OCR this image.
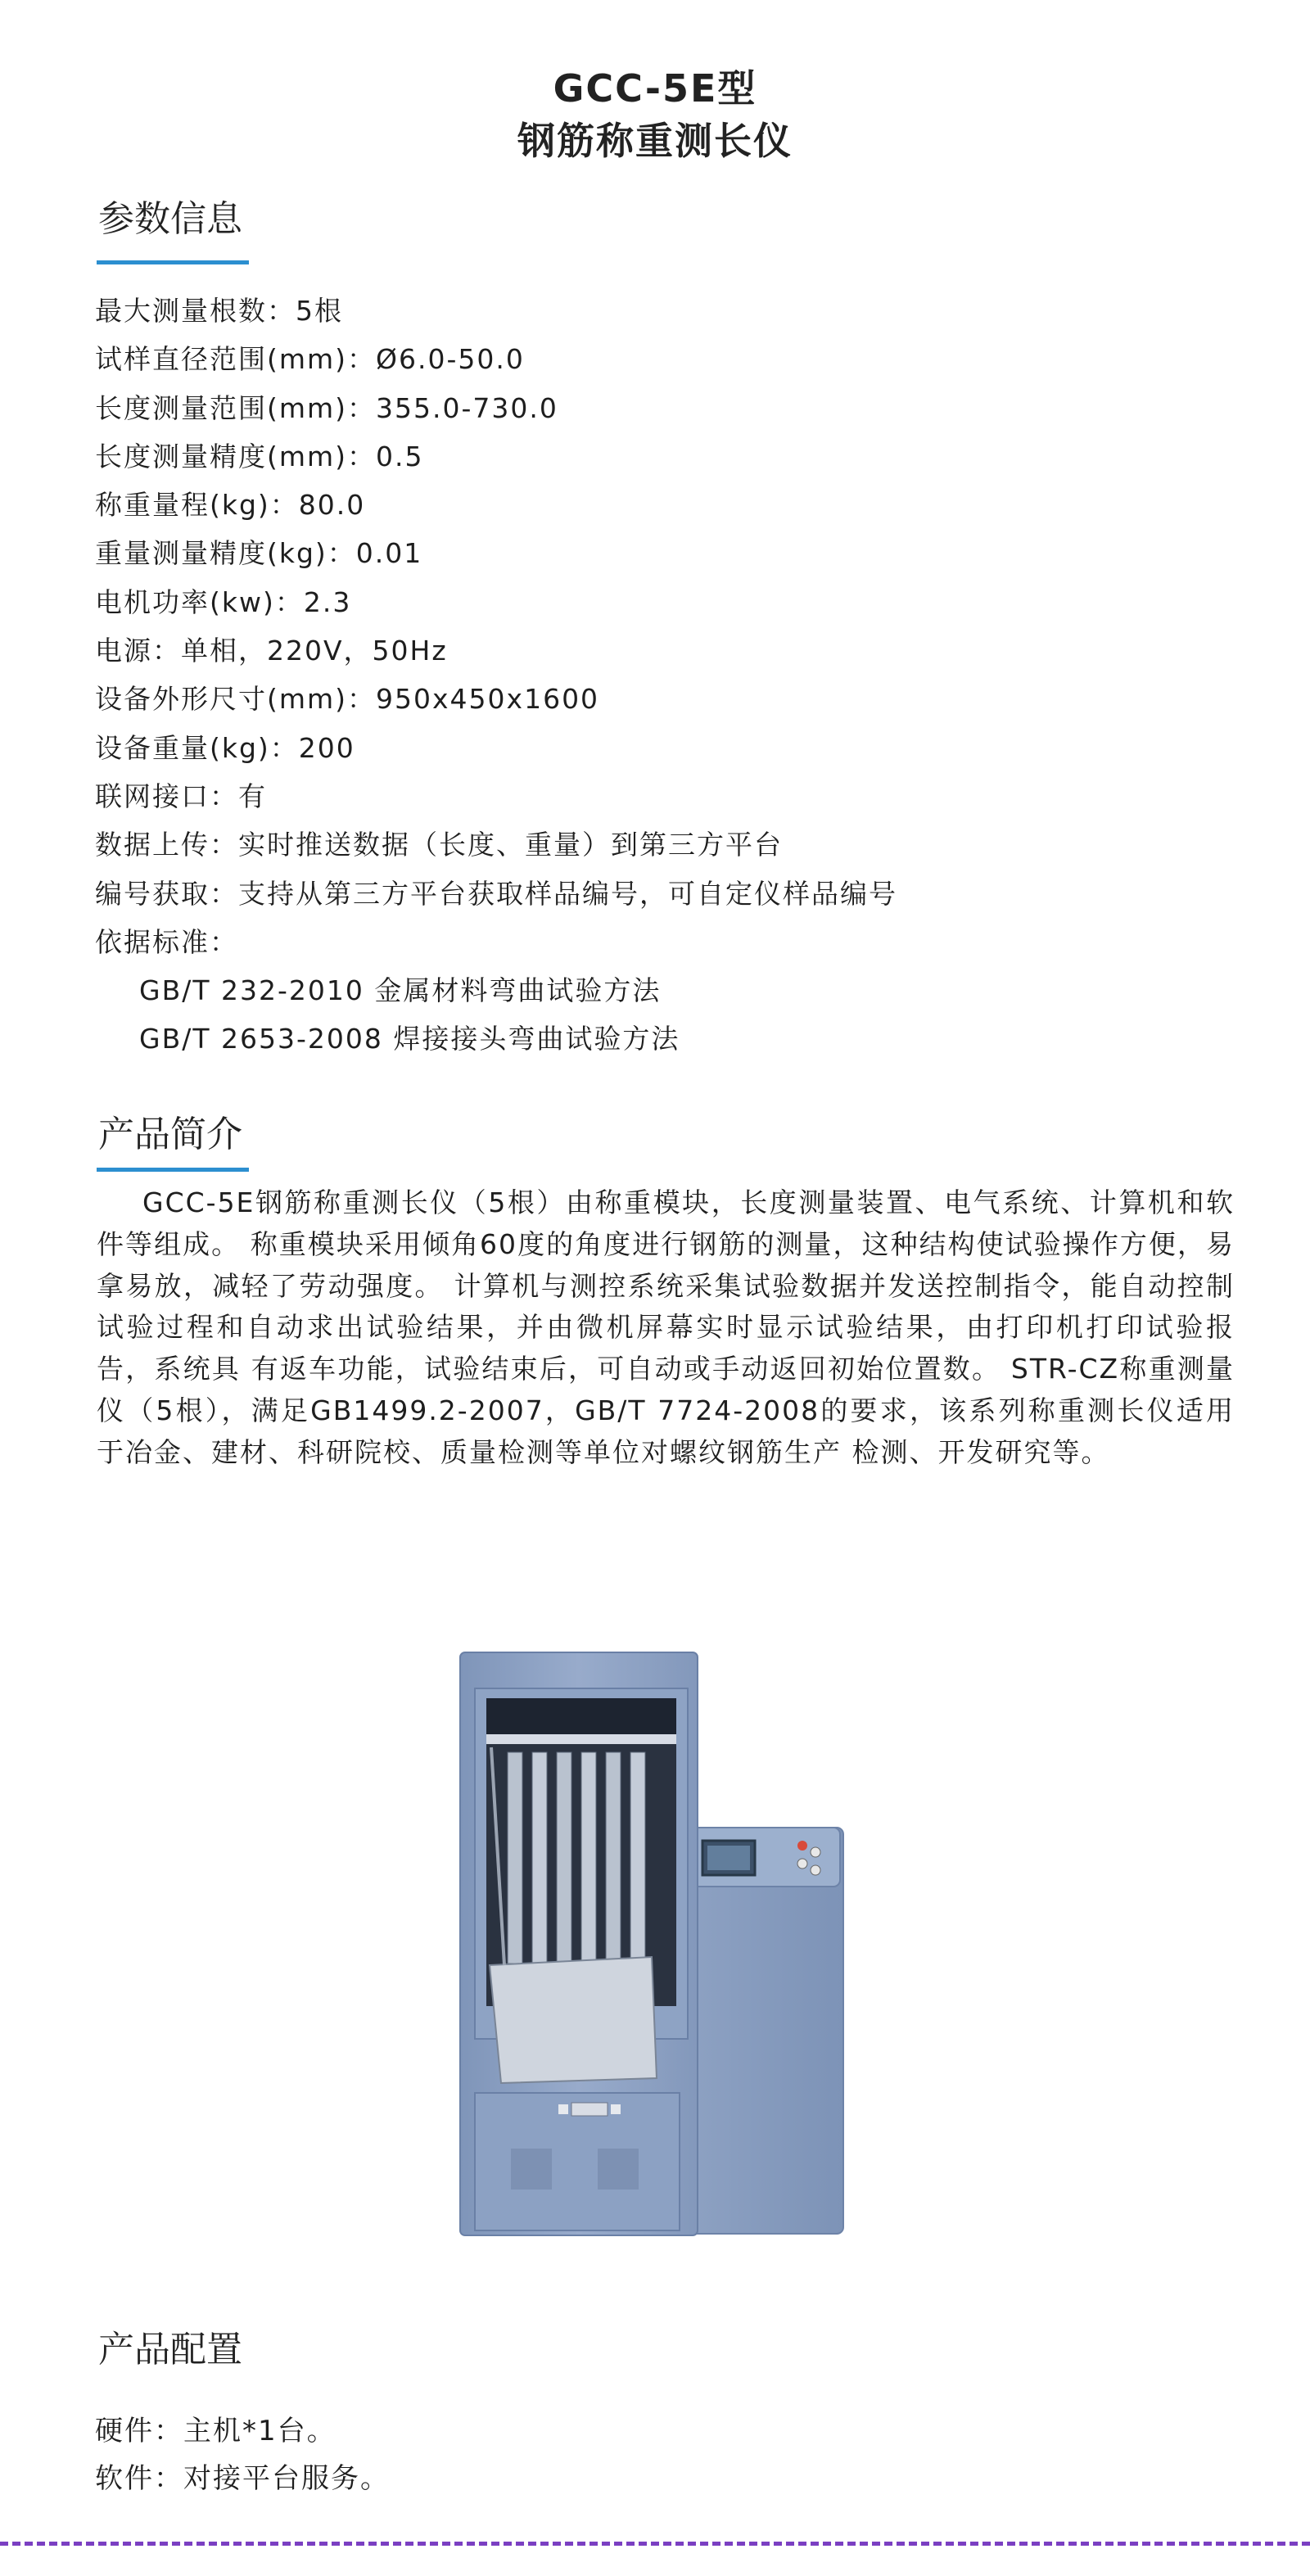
GCC-5E型
钢筋称重测长仪
参数信息
最大测量根数：5根
试样直径范围(mm)：Ø6.0-50.0
长度测量范围(mm)：355.0-730.0
长度测量精度(mm)：0.5
称重量程(kg)：80.0
重量测量精度(kg)：0.01
电机功率(kw)：2.3
电源：单相，220V，50Hz
设备外形尺寸(mm)：950x450x1600
设备重量(kg)：200
联网接口：有
数据上传：实时推送数据（长度、重量）到第三方平台
编号获取：支持从第三方平台获取样品编号，可自定仪样品编号
依据标准：
GB/T 232-2010 金属材料弯曲试验方法
GB/T 2653-2008 焊接接头弯曲试验方法
产品简介

GCC-5E钢筋称重测长仪（5根）由称重模块，长度测量装置、电气系统、计算机和软件等组成。 称重模块采用倾角60度的角度进行钢筋的测量，这种结构使试验操作方便，易拿易放，减轻了劳动强度。 计算机与测控系统采集试验数据并发送控制指令，能自动控制试验过程和自动求出试验结果，并由微机屏幕实时显示试验结果，由打印机打印试验报告，系统具 有返车功能，试验结束后，可自动或手动返回初始位置数。 STR-CZ称重测量仪（5根），满足GB1499.2-2007，GB/T 7724-2008的要求，该系列称重测长仪适用于冶金、建材、科研院校、质量检测等单位对螺纹钢筋生产 检测、开发研究等。

产品配置
硬件：主机*1台。
软件：对接平台服务。
